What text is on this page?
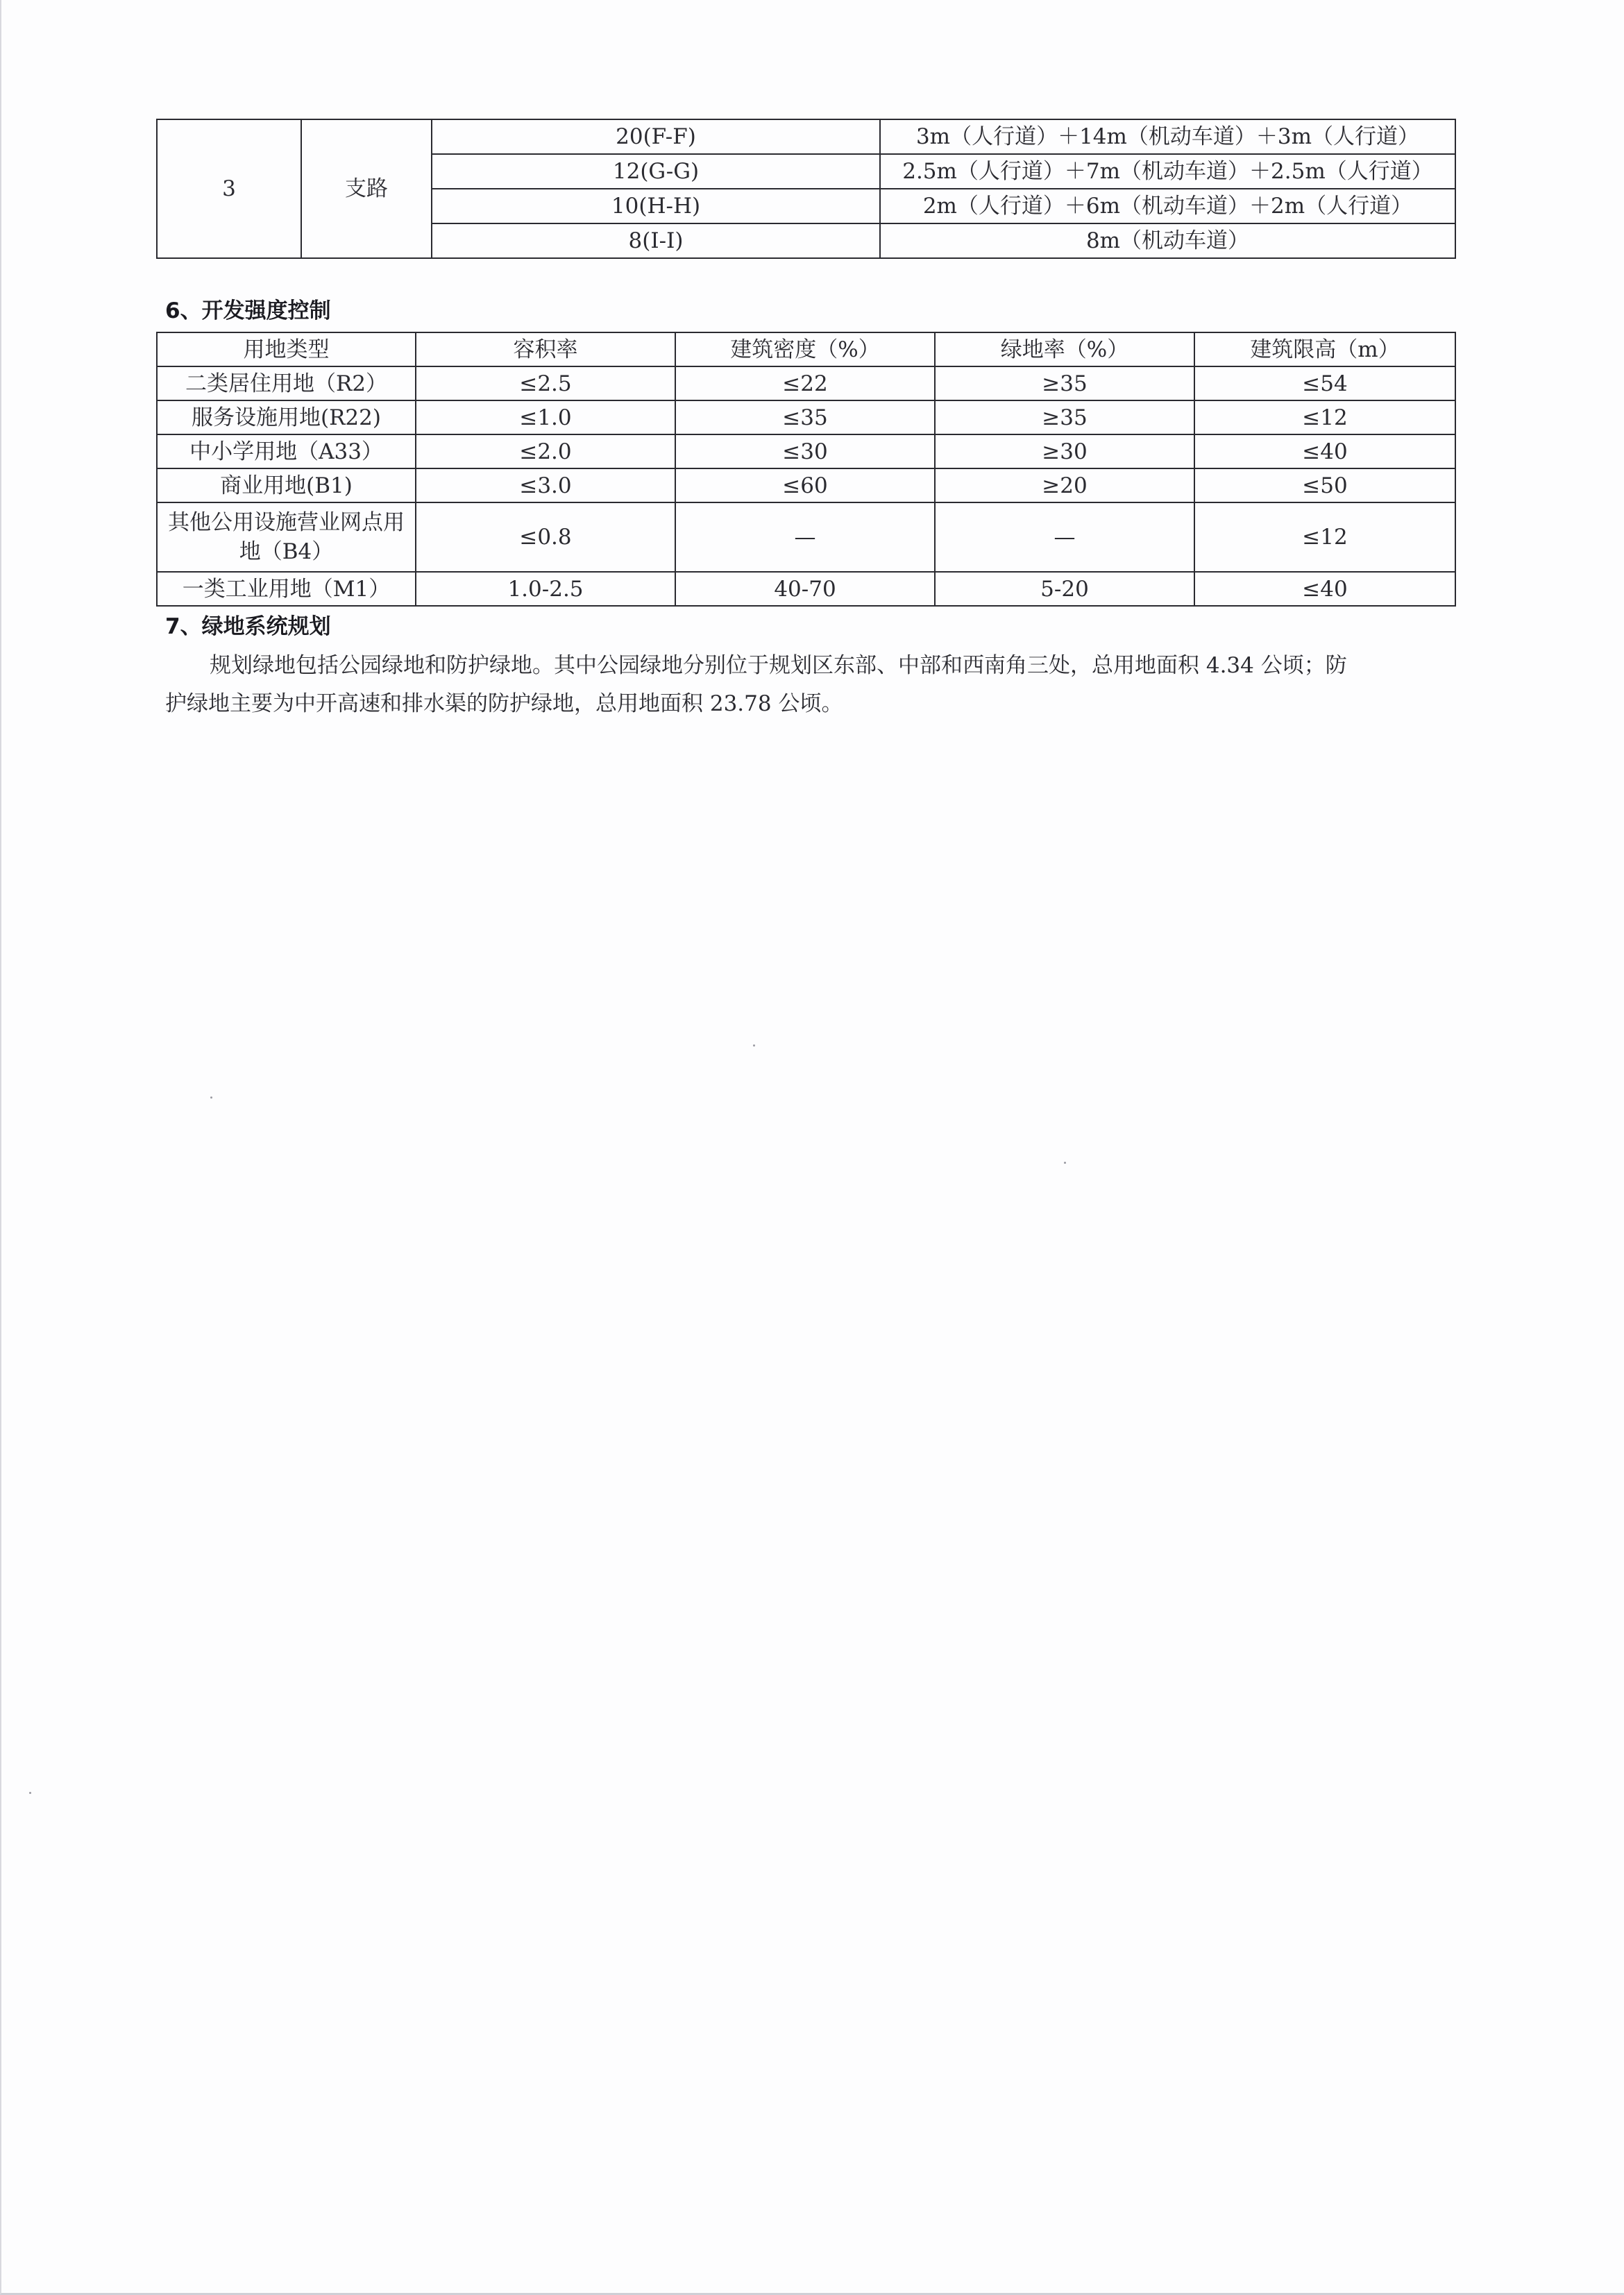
3	支路	20(F-F)	3m（人行道）＋14m（机动车道）＋3m（人行道）
		12(G-G)	2.5m（人行道）＋7m（机动车道）＋2.5m（人行道）
		10(H-H)	2m（人行道）＋6m（机动车道）＋2m（人行道）
		8(I-I)	8m（机动车道）
6、开发强度控制
用地类型	容积率	建筑密度（%）	绿地率（%）	建筑限高（m）
二类居住用地（R2）	≤2.5	≤22	≥35	≤54
服务设施用地(R22)	≤1.0	≤35	≥35	≤12
中小学用地（A33）	≤2.0	≤30	≥30	≤40
商业用地(B1)	≤3.0	≤60	≥20	≤50
其他公用设施营业网点用地（B4）	≤0.8	—	—	≤12
一类工业用地（M1）	1.0-2.5	40-70	5-20	≤40
7、绿地系统规划

规划绿地包括公园绿地和防护绿地。其中公园绿地分别位于规划区东部、中部和西南角三处，总用地面积 4.34 公顷；防

护绿地主要为中开高速和排水渠的防护绿地，总用地面积 23.78 公顷。
